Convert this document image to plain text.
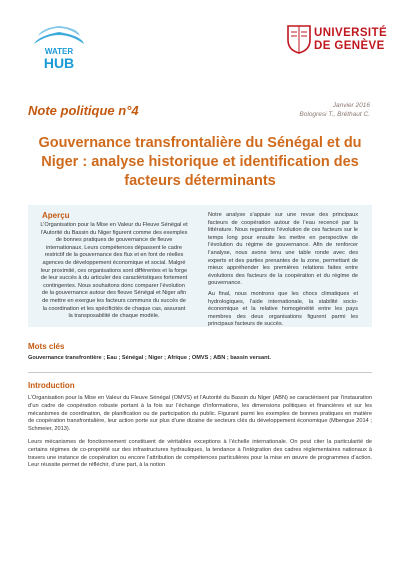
WATER
HUB
UNIVERSITÉ
DE GENÈVE
Note politique n°4	Janvier 2016
Bologresi T., Bréthaut C.
Gouvernance transfrontalière du Sénégal et du Niger : analyse historique et identification des facteurs déterminants
Aperçu

L’Organisation pour la Mise en Valeur du Fleuve Sénégal et l’Autorité du Bassin du Niger figurent comme des exemples de bonnes pratiques de gouvernance de fleuve internationaux. Leurs compétences dépassent le cadre restrictif de la gouvernance des flux et en font de réelles agences de développement économique et social. Malgré leur proximité, ces organisations sont différentes et la forge de leur succès à du articuler des caractéristiques fortement contingentes. Nous souhaitons donc comparer l’évolution de la gouvernance autour des fleuve Sénégal et Niger afin de mettre en exergue les facteurs communs du succès de la coordination et les spécificités de chaque cas, assurant la transposabilité de chaque modèle.

Notre analyse s’appuie sur une revue des principaux facteurs de coopération autour de l’eau recencé par la littérature. Nous regardons l’évolution de ces facteurs sur le temps long pour ensuite les mettre en perspective de l’évolution du régime de gouvernance. Afin de renforcer l’analyse, nous avons tenu une table ronde avec des experts et des parties prenantes de la zone, permettant de mieux appréhender les premières relations faites entre évolutions des facteurs de la coopération et du régime de gouvernance.

Au final, nous montrons que les chocs climatiques et hydrologiques, l’aide internationale, la stabilité socio-économique et la relative homogénéité entre les pays membres des deux organisations figurent parmi les principaux facteurs de succès.

Mots clés
Gouvernance transfrontière ; Eau ; Sénégal ; Niger ; Afrique ; OMVS ; ABN ; bassin versant.
Introduction

L’Organisation pour la Mise en Valeur du Fleuve Sénégal (OMVS) et l’Autorité du Bassin du Niger (ABN) se caractérisent par l’instauration d’un cadre de coopération robuste portant à la fois sur l’échange d’informations, les dimensions politiques et financières et sur les mécanismes de coordination, de planification ou de participation du public. Figurant parmi les exemples de bonnes pratiques en matière de coopération transfrontalière, leur action porte sur plus d’une dizaine de secteurs clés du développement économique (Mbengue 2014 ; Schmeier, 2013).

Leurs mécanismes de fonctionnement constituent de véritables exceptions à l’échelle internationale. On peut citer la particularité de certains régimes de co-propriété sur des infrastructures hydrauliques, la tendance à l’intégration des cadres réglementaires nationaux à travers une instance de coopération ou encore l’attribution de compétences particulières pour la mise en œuvre de programmes d’action. Leur réussite permet de réfléchir, d’une part, à la notion
